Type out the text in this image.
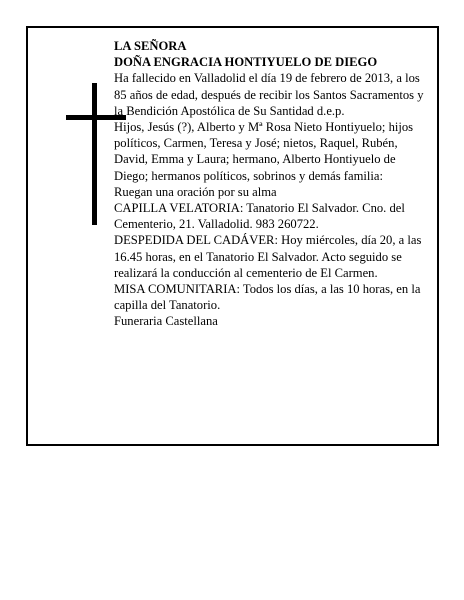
LA SEÑORA

DOÑA ENGRACIA HONTIYUELO DE DIEGO

Ha fallecido en Valladolid el día 19 de febrero de 2013, a los 85 años de edad, después de recibir los Santos Sacramentos y la Bendición Apostólica de Su Santidad d.e.p.

Hijos, Jesús (?), Alberto y Mª Rosa Nieto Hontiyuelo; hijos políticos, Carmen, Teresa y José; nietos, Raquel, Rubén, David, Emma y Laura; hermano, Alberto Hontiyuelo de Diego; hermanos políticos, sobrinos y demás familia:

Ruegan una oración por su alma

CAPILLA VELATORIA: Tanatorio El Salvador. Cno. del Cementerio, 21. Valladolid. 983 260722.

DESPEDIDA DEL CADÁVER: Hoy miércoles, día 20, a las 16.45 horas, en el Tanatorio El Salvador. Acto seguido se realizará la conducción al cementerio de El Carmen.

MISA COMUNITARIA: Todos los días, a las 10 horas, en la capilla del Tanatorio.

Funeraria Castellana
